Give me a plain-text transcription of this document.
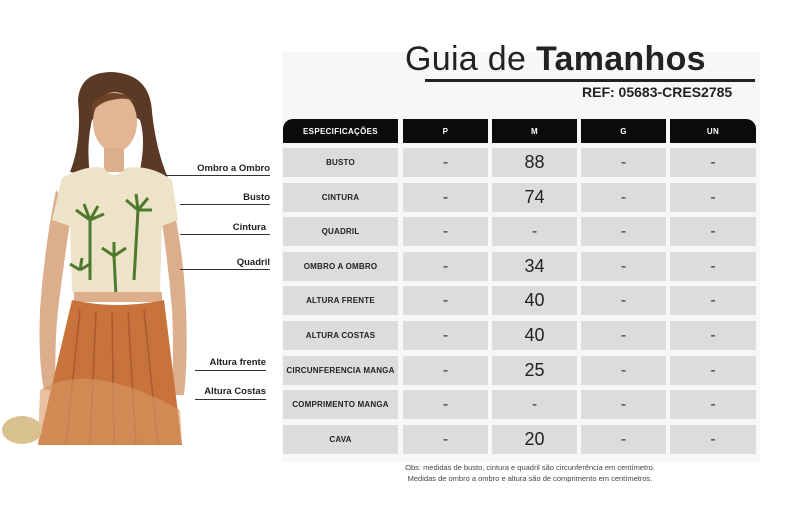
Ombro a Ombro
Busto
Cintura
Quadril
Altura frente
Altura Costas
Guia de Tamanhos
REF: 05683-CRES2785
ESPECIFICAÇÕES	P	M	G	UN
BUSTO	-	88	-	-
CINTURA	-	74	-	-
QUADRIL	-	-	-	-
OMBRO A OMBRO	-	34	-	-
ALTURA FRENTE	-	40	-	-
ALTURA COSTAS	-	40	-	-
CIRCUNFERENCIA MANGA	-	25	-	-
COMPRIMENTO MANGA	-	-	-	-
CAVA	-	20	-	-
Obs: medidas de busto, cintura e quadril são circunferência em centímetro.
Medidas de ombro a ombro e altura são de comprimento em centímetros.
